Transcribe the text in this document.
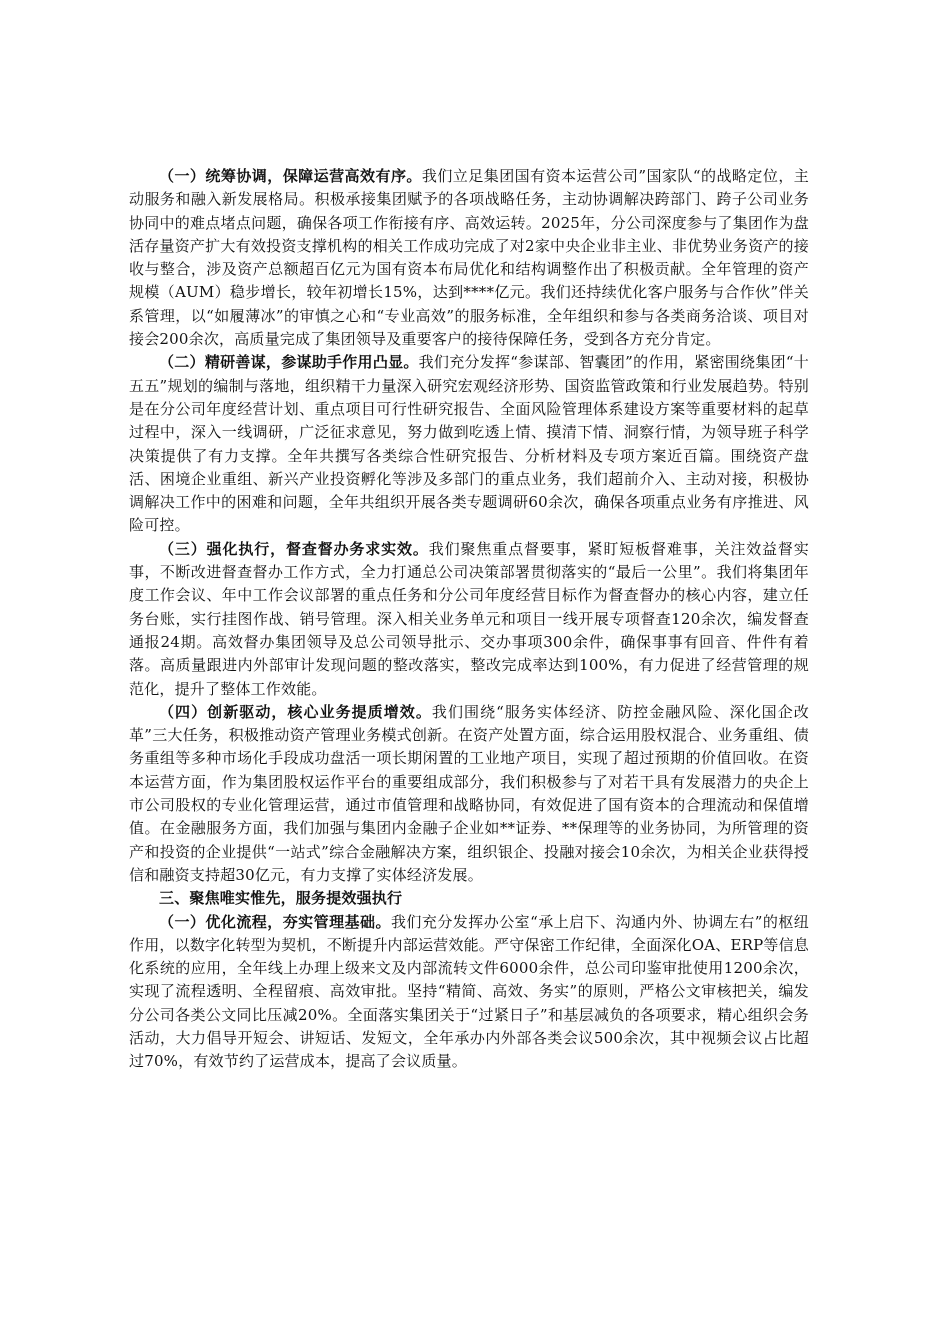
（一）统筹协调，保障运营高效有序。我们立足集团国有资本运营公司”国家队“的战略定位，主动服务和融入新发展格局。积极承接集团赋予的各项战略任务，主动协调解决跨部门、跨子公司业务协同中的难点堵点问题，确保各项工作衔接有序、高效运转。2025年，分公司深度参与了集团作为盘活存量资产扩大有效投资支撑机构的相关工作成功完成了对2家中央企业非主业、非优势业务资产的接收与整合，涉及资产总额超百亿元为国有资本布局优化和结构调整作出了积极贡献。全年管理的资产规模（AUM）稳步增长，较年初增长15%，达到****亿元。我们还持续优化客户服务与合作伙”伴关系管理，以“如履薄冰”的审慎之心和“专业高效”的服务标准，全年组织和参与各类商务洽谈、项目对接会200余次，高质量完成了集团领导及重要客户的接待保障任务，受到各方充分肯定。

（二）精研善谋，参谋助手作用凸显。我们充分发挥“参谋部、智囊团”的作用，紧密围绕集团“十五五”规划的编制与落地，组织精干力量深入研究宏观经济形势、国资监管政策和行业发展趋势。特别是在分公司年度经营计划、重点项目可行性研究报告、全面风险管理体系建设方案等重要材料的起草过程中，深入一线调研，广泛征求意见，努力做到吃透上情、摸清下情、洞察行情，为领导班子科学决策提供了有力支撑。全年共撰写各类综合性研究报告、分析材料及专项方案近百篇。围绕资产盘活、困境企业重组、新兴产业投资孵化等涉及多部门的重点业务，我们超前介入、主动对接，积极协调解决工作中的困难和问题，全年共组织开展各类专题调研60余次，确保各项重点业务有序推进、风险可控。

（三）强化执行，督查督办务求实效。我们聚焦重点督要事，紧盯短板督难事，关注效益督实事，不断改进督查督办工作方式，全力打通总公司决策部署贯彻落实的“最后一公里”。我们将集团年度工作会议、年中工作会议部署的重点任务和分公司年度经营目标作为督查督办的核心内容，建立任务台账，实行挂图作战、销号管理。深入相关业务单元和项目一线开展专项督查120余次，编发督查通报24期。高效督办集团领导及总公司领导批示、交办事项300余件，确保事事有回音、件件有着落。高质量跟进内外部审计发现问题的整改落实，整改完成率达到100%，有力促进了经营管理的规范化，提升了整体工作效能。

（四）创新驱动，核心业务提质增效。我们围绕“服务实体经济、防控金融风险、深化国企改革”三大任务，积极推动资产管理业务模式创新。在资产处置方面，综合运用股权混合、业务重组、债务重组等多种市场化手段成功盘活一项长期闲置的工业地产项目，实现了超过预期的价值回收。在资本运营方面，作为集团股权运作平台的重要组成部分，我们积极参与了对若干具有发展潜力的央企上市公司股权的专业化管理运营，通过市值管理和战略协同，有效促进了国有资本的合理流动和保值增值。在金融服务方面，我们加强与集团内金融子企业如**证券、**保理等的业务协同，为所管理的资产和投资的企业提供“一站式”综合金融解决方案，组织银企、投融对接会10余次，为相关企业获得授信和融资支持超30亿元，有力支撑了实体经济发展。

三、聚焦唯实惟先，服务提效强执行

（一）优化流程，夯实管理基础。我们充分发挥办公室“承上启下、沟通内外、协调左右”的枢纽作用，以数字化转型为契机，不断提升内部运营效能。严守保密工作纪律，全面深化OA、ERP等信息化系统的应用，全年线上办理上级来文及内部流转文件6000余件，总公司印鉴审批使用1200余次，实现了流程透明、全程留痕、高效审批。坚持“精简、高效、务实”的原则，严格公文审核把关，编发分公司各类公文同比压减20%。全面落实集团关于“过紧日子”和基层减负的各项要求，精心组织会务活动，大力倡导开短会、讲短话、发短文，全年承办内外部各类会议500余次，其中视频会议占比超过70%，有效节约了运营成本，提高了会议质量。
